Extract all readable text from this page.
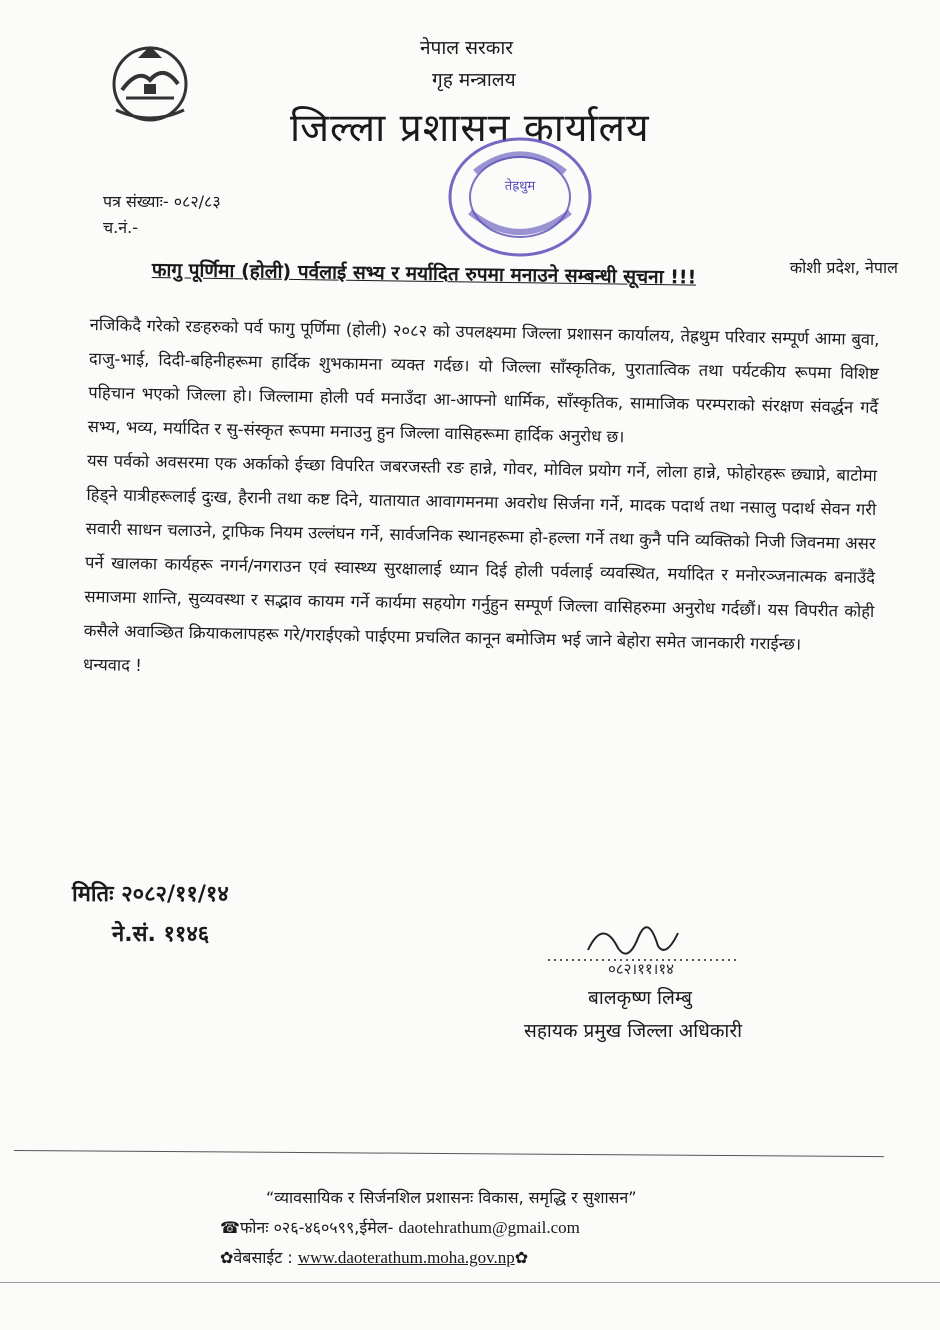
नेपाल सरकार
गृह मन्त्रालय
जिल्ला प्रशासन कार्यालय
तेह्रथुम
पत्र संख्याः- ०८२/८३
च.नं.-
कोशी प्रदेश, नेपाल
फागु पूर्णिमा (होली) पर्वलाई सभ्य र मर्यादित रुपमा मनाउने सम्बन्धी सूचना !!!

नजिकिदै गरेको रङहरुको पर्व फागु पूर्णिमा (होली) २०८२ को उपलक्ष्यमा जिल्ला प्रशासन कार्यालय, तेह्रथुम परिवार सम्पूर्ण आमा बुवा, दाजु-भाई, दिदी-बहिनीहरूमा हार्दिक शुभकामना व्यक्त गर्दछ। यो जिल्ला साँस्कृतिक, पुरातात्विक तथा पर्यटकीय रूपमा विशिष्ट पहिचान भएको जिल्ला हो। जिल्लामा होली पर्व मनाउँदा आ-आफ्नो धार्मिक, साँस्कृतिक, सामाजिक परम्पराको संरक्षण संवर्द्धन गर्दै सभ्य, भव्य, मर्यादित र सु-संस्कृत रूपमा मनाउनु हुन जिल्ला वासिहरूमा हार्दिक अनुरोध छ।

यस पर्वको अवसरमा एक अर्काको ईच्छा विपरित जबरजस्ती रङ हान्ने, गोवर, मोविल प्रयोग गर्ने, लोला हान्ने, फोहोरहरू छ्याप्ने, बाटोमा हिड्ने यात्रीहरूलाई दुःख, हैरानी तथा कष्ट दिने, यातायात आवागमनमा अवरोध सिर्जना गर्ने, मादक पदार्थ तथा नसालु पदार्थ सेवन गरी सवारी साधन चलाउने, ट्राफिक नियम उल्लंघन गर्ने, सार्वजनिक स्थानहरूमा हो-हल्ला गर्ने तथा कुनै पनि व्यक्तिको निजी जिवनमा असर पर्ने खालका कार्यहरू नगर्न/नगराउन एवं स्वास्थ्य सुरक्षालाई ध्यान दिई होली पर्वलाई व्यवस्थित, मर्यादित र मनोरञ्जनात्मक बनाउँदै समाजमा शान्ति, सुव्यवस्था र सद्भाव कायम गर्ने कार्यमा सहयोग गर्नुहुन सम्पूर्ण जिल्ला वासिहरुमा अनुरोध गर्दछौं। यस विपरीत कोही कसैले अवाञ्छित क्रियाकलापहरू गरे/गराईएको पाईएमा प्रचलित कानून बमोजिम भई जाने बेहोरा समेत जानकारी गराईन्छ।

धन्यवाद !

मितिः २०८२/११/१४
ने.सं. ११४६
०८२।११।१४
बालकृष्ण लिम्बु
सहायक प्रमुख जिल्ला अधिकारी
“व्यावसायिक र सिर्जनशिल प्रशासनः विकास, समृद्धि र सुशासन”
☎फोनः ०२६-४६०५९९,ईमेल- daotehrathum@gmail.com
✿वेबसाईट : www.daoterathum.moha.gov.np✿
